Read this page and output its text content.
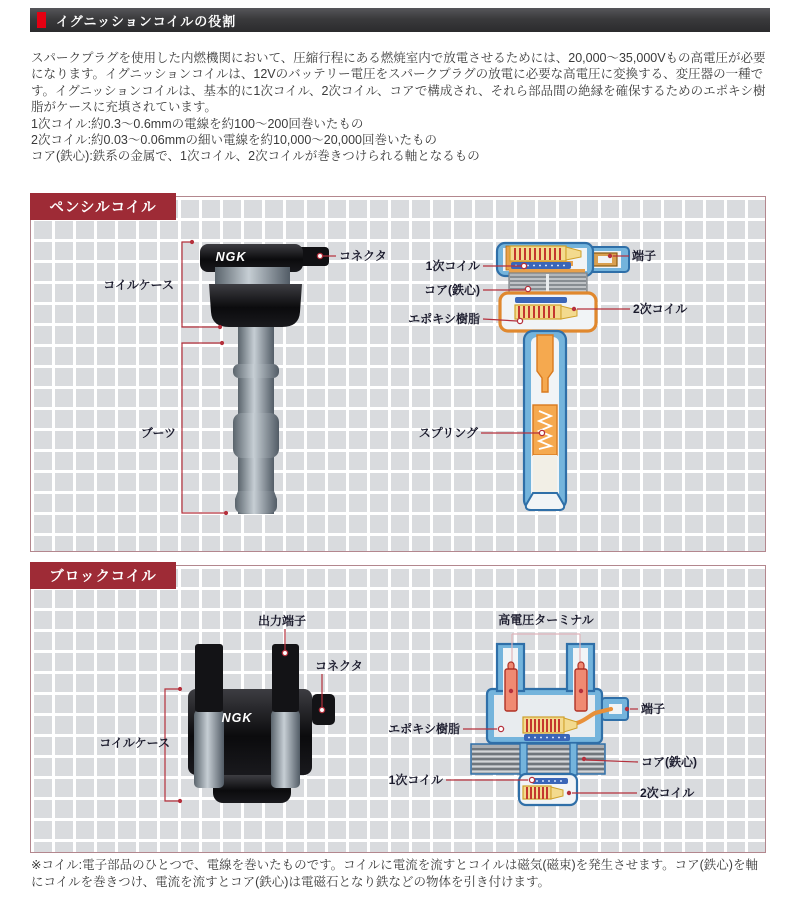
イグニッションコイルの役割
スパークプラグを使用した内燃機関において、圧縮行程にある燃焼室内で放電させるためには、20,000～35,000Vもの高電圧が必要になります。イグニッションコイルは、12Vのバッテリー電圧をスパークプラグの放電に必要な高電圧に変換する、変圧器の一種です。イグニッションコイルは、基本的に1次コイル、2次コイル、コアで構成され、それら部品間の絶縁を確保するためのエポキシ樹脂がケースに充填されています。
1次コイル:約0.3～0.6mmの電線を約100～200回巻いたもの
2次コイル:約0.03～0.06mmの細い電線を約10,000～20,000回巻いたもの
コア(鉄心):鉄系の金属で、1次コイル、2次コイルが巻きつけられる軸となるもの
ペンシルコイル
NGK	コネクタ
コイルケース
ブーツ
1次コイル
コア(鉄心)
エポキシ樹脂
端子
2次コイル
スプリング
ブロックコイル
NGK
出力端子
コネクタ
コイルケース
高電圧ターミナル
端子
エポキシ樹脂
コア(鉄心)
1次コイル
2次コイル
※コイル:電子部品のひとつで、電線を巻いたものです。コイルに電流を流すとコイルは磁気(磁束)を発生させます。コア(鉄心)を軸にコイルを巻きつけ、電流を流すとコア(鉄心)は電磁石となり鉄などの物体を引き付けます。
